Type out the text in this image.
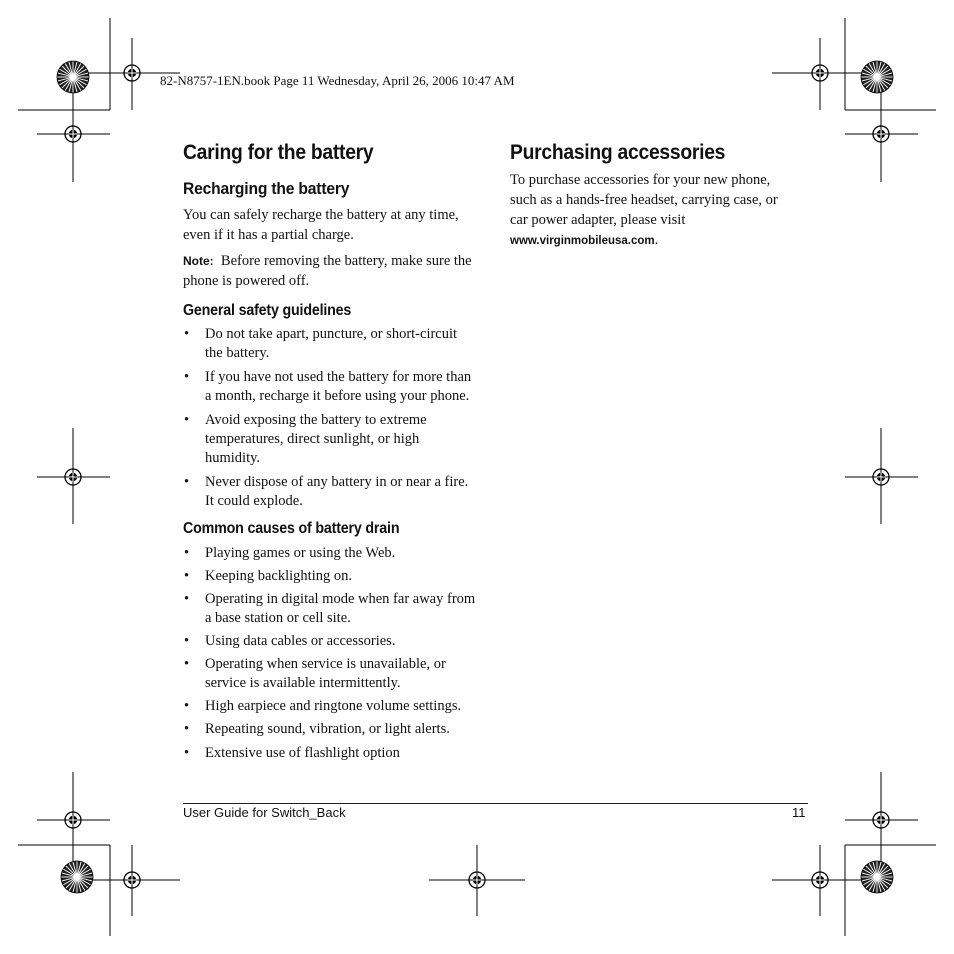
82-N8757-1EN.book Page 11 Wednesday, April 26, 2006 10:47 AM
Caring for the battery
Recharging the battery
You can safely recharge the battery at any time,
even if it has a partial charge.
Note: Before removing the battery, make sure the
phone is powered off.
General safety guidelines
• Do not take apart, puncture, or short-circuit
the battery.
• If you have not used the battery for more than
a month, recharge it before using your phone.
• Avoid exposing the battery to extreme
temperatures, direct sunlight, or high
humidity.
• Never dispose of any battery in or near a fire.
It could explode.
Common causes of battery drain
• Playing games or using the Web.
• Keeping backlighting on.
• Operating in digital mode when far away from
a base station or cell site.
• Using data cables or accessories.
• Operating when service is unavailable, or
service is available intermittently.
• High earpiece and ringtone volume settings.
• Repeating sound, vibration, or light alerts.
• Extensive use of flashlight option
Purchasing accessories
To purchase accessories for your new phone,
such as a hands-free headset, carrying case, or
car power adapter, please visit
www.virginmobileusa.com.
User Guide for Switch_Back	11
